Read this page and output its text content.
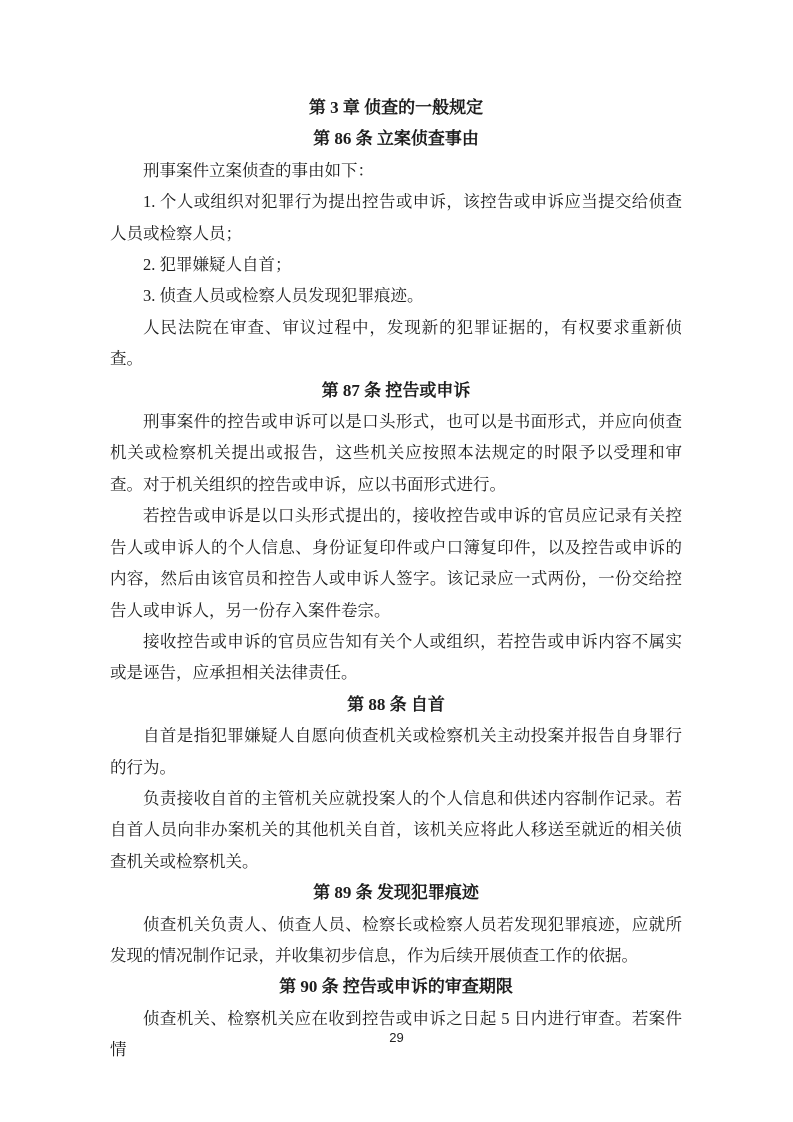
第 3 章 侦查的一般规定
第 86 条 立案侦查事由
刑事案件立案侦查的事由如下：
1. 个人或组织对犯罪行为提出控告或申诉，该控告或申诉应当提交给侦查人员或检察人员；
2. 犯罪嫌疑人自首；
3. 侦查人员或检察人员发现犯罪痕迹。
人民法院在审查、审议过程中，发现新的犯罪证据的，有权要求重新侦查。
第 87 条 控告或申诉
刑事案件的控告或申诉可以是口头形式，也可以是书面形式，并应向侦查机关或检察机关提出或报告，这些机关应按照本法规定的时限予以受理和审查。对于机关组织的控告或申诉，应以书面形式进行。
若控告或申诉是以口头形式提出的，接收控告或申诉的官员应记录有关控告人或申诉人的个人信息、身份证复印件或户口簿复印件，以及控告或申诉的内容，然后由该官员和控告人或申诉人签字。该记录应一式两份，一份交给控告人或申诉人，另一份存入案件卷宗。
接收控告或申诉的官员应告知有关个人或组织，若控告或申诉内容不属实或是诬告，应承担相关法律责任。
第 88 条 自首
自首是指犯罪嫌疑人自愿向侦查机关或检察机关主动投案并报告自身罪行的行为。
负责接收自首的主管机关应就投案人的个人信息和供述内容制作记录。若自首人员向非办案机关的其他机关自首，该机关应将此人移送至就近的相关侦查机关或检察机关。
第 89 条 发现犯罪痕迹
侦查机关负责人、侦查人员、检察长或检察人员若发现犯罪痕迹，应就所发现的情况制作记录，并收集初步信息，作为后续开展侦查工作的依据。
第 90 条 控告或申诉的审查期限
侦查机关、检察机关应在收到控告或申诉之日起 5 日内进行审查。若案件情
29
